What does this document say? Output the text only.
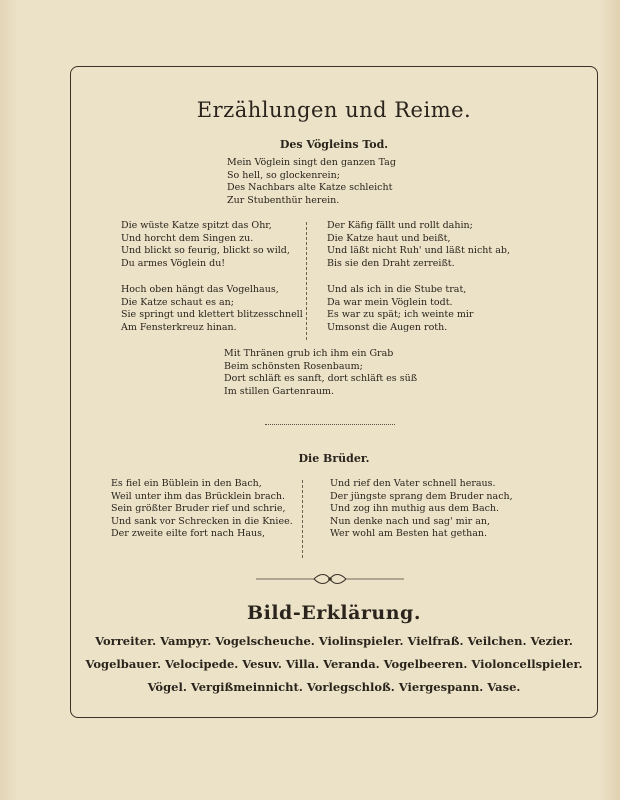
Erzählungen und Reime.
Des Vögleins Tod.
Mein Vöglein singt den ganzen Tag
So hell, so glockenrein;
Des Nachbars alte Katze schleicht
Zur Stubenthür herein.
Die wüste Katze spitzt das Ohr,
Und horcht dem Singen zu.
Und blickt so feurig, blickt so wild,
Du armes Vöglein du!
Hoch oben hängt das Vogelhaus,
Die Katze schaut es an;
Sie springt und klettert blitzesschnell
Am Fensterkreuz hinan.
Der Käfig fällt und rollt dahin;
Die Katze haut und beißt,
Und läßt nicht Ruh' und läßt nicht ab,
Bis sie den Draht zerreißt.
Und als ich in die Stube trat,
Da war mein Vöglein todt.
Es war zu spät; ich weinte mir
Umsonst die Augen roth.
Mit Thränen grub ich ihm ein Grab
Beim schönsten Rosenbaum;
Dort schläft es sanft, dort schläft es süß
Im stillen Gartenraum.
Die Brüder.
Es fiel ein Büblein in den Bach,
Weil unter ihm das Brücklein brach.
Sein größter Bruder rief und schrie,
Und sank vor Schrecken in die Kniee.
Der zweite eilte fort nach Haus,
Und rief den Vater schnell heraus.
Der jüngste sprang dem Bruder nach,
Und zog ihn muthig aus dem Bach.
Nun denke nach und sag' mir an,
Wer wohl am Besten hat gethan.
Bild-Erklärung.
Vorreiter. Vampyr. Vogelscheuche. Violinspieler. Vielfraß. Veilchen. Vezier.
Vogelbauer. Velocipede. Vesuv. Villa. Veranda. Vogelbeeren. Violoncellspieler.
Vögel. Vergißmeinnicht. Vorlegschloß. Viergespann. Vase.
